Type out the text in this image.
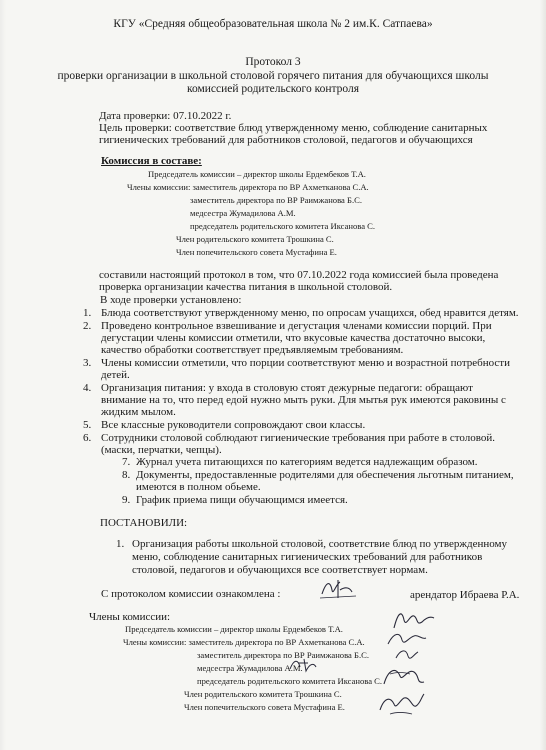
КГУ «Средняя общеобразовательная школа № 2 им.К. Сатпаева»
Протокол 3
проверки организации в школьной столовой горячего питания для обучающихся школы
комиссией родительского контроля
Дата проверки: 07.10.2022 г.
Цель проверки: соответствие блюд утвержденному меню, соблюдение санитарных
гигиенических требований для работников столовой, педагогов и обучающихся
Комиссия в составе:
Председатель комиссии – директор школы Ердембеков Т.А.
Члены комиссии: заместитель директора по ВР Ахметканова С.А.
заместитель директора по ВР Раимжанова Б.С.
медсестра Жумадилова А.М.
председатель родительского комитета Иксанова С.
Член родительского комитета Трошкина С.
Член попечительского совета Мустафина Е.
составили настоящий протокол в том, что 07.10.2022 года комиссией была проведена
проверка организации качества питания в школьной столовой.
В ходе проверки установлено:
1. Блюда соответствуют утвержденному меню, по опросам учащихся, обед нравится детям.
2. Проведено контрольное взвешивание и дегустация членами комиссии порций. При
дегустации члены комиссии отметили, что вкусовые качества достаточно высоки,
качество обработки соответствует предъявляемым требованиям.
3. Члены комиссии отметили, что порции соответствуют меню и возрастной потребности
детей.
4. Организация питания: у входа в столовую стоят дежурные педагоги: обращают
внимание на то, что перед едой нужно мыть руки. Для мытья рук имеются раковины с
жидким мылом.
5. Все классные руководители сопровождают свои классы.
6. Сотрудники столовой соблюдают гигиенические требования при работе в столовой.
(маски, перчатки, чепцы).
7. Журнал учета питающихся по категориям ведется надлежащим образом.
8. Документы, предоставленные родителями для обеспечения льготным питанием,
имеются в полном обьеме.
9. График приема пищи обучающимся имеется.
ПОСТАНОВИЛИ:
1. Организация работы школьной столовой, соответствие блюд по утвержденному
меню, соблюдение санитарных гигиенических требований для работников
столовой, педагогов и обучающихся все соответствует нормам.
С протоколом комиссии ознакомлена :	арендатор Ибраева Р.А.
Члены комиссии:
Председатель комиссии – директор школы Ердембеков Т.А.
Члены комиссии: заместитель директора по ВР Ахметканова С.А.
заместитель директора по ВР Раимжанова Б.С.
медсестра Жумадилова А.М.
председатель родительского комитета Иксанова С.
Член родительского комитета Трошкина С.
Член попечительского совета Мустафина Е.
